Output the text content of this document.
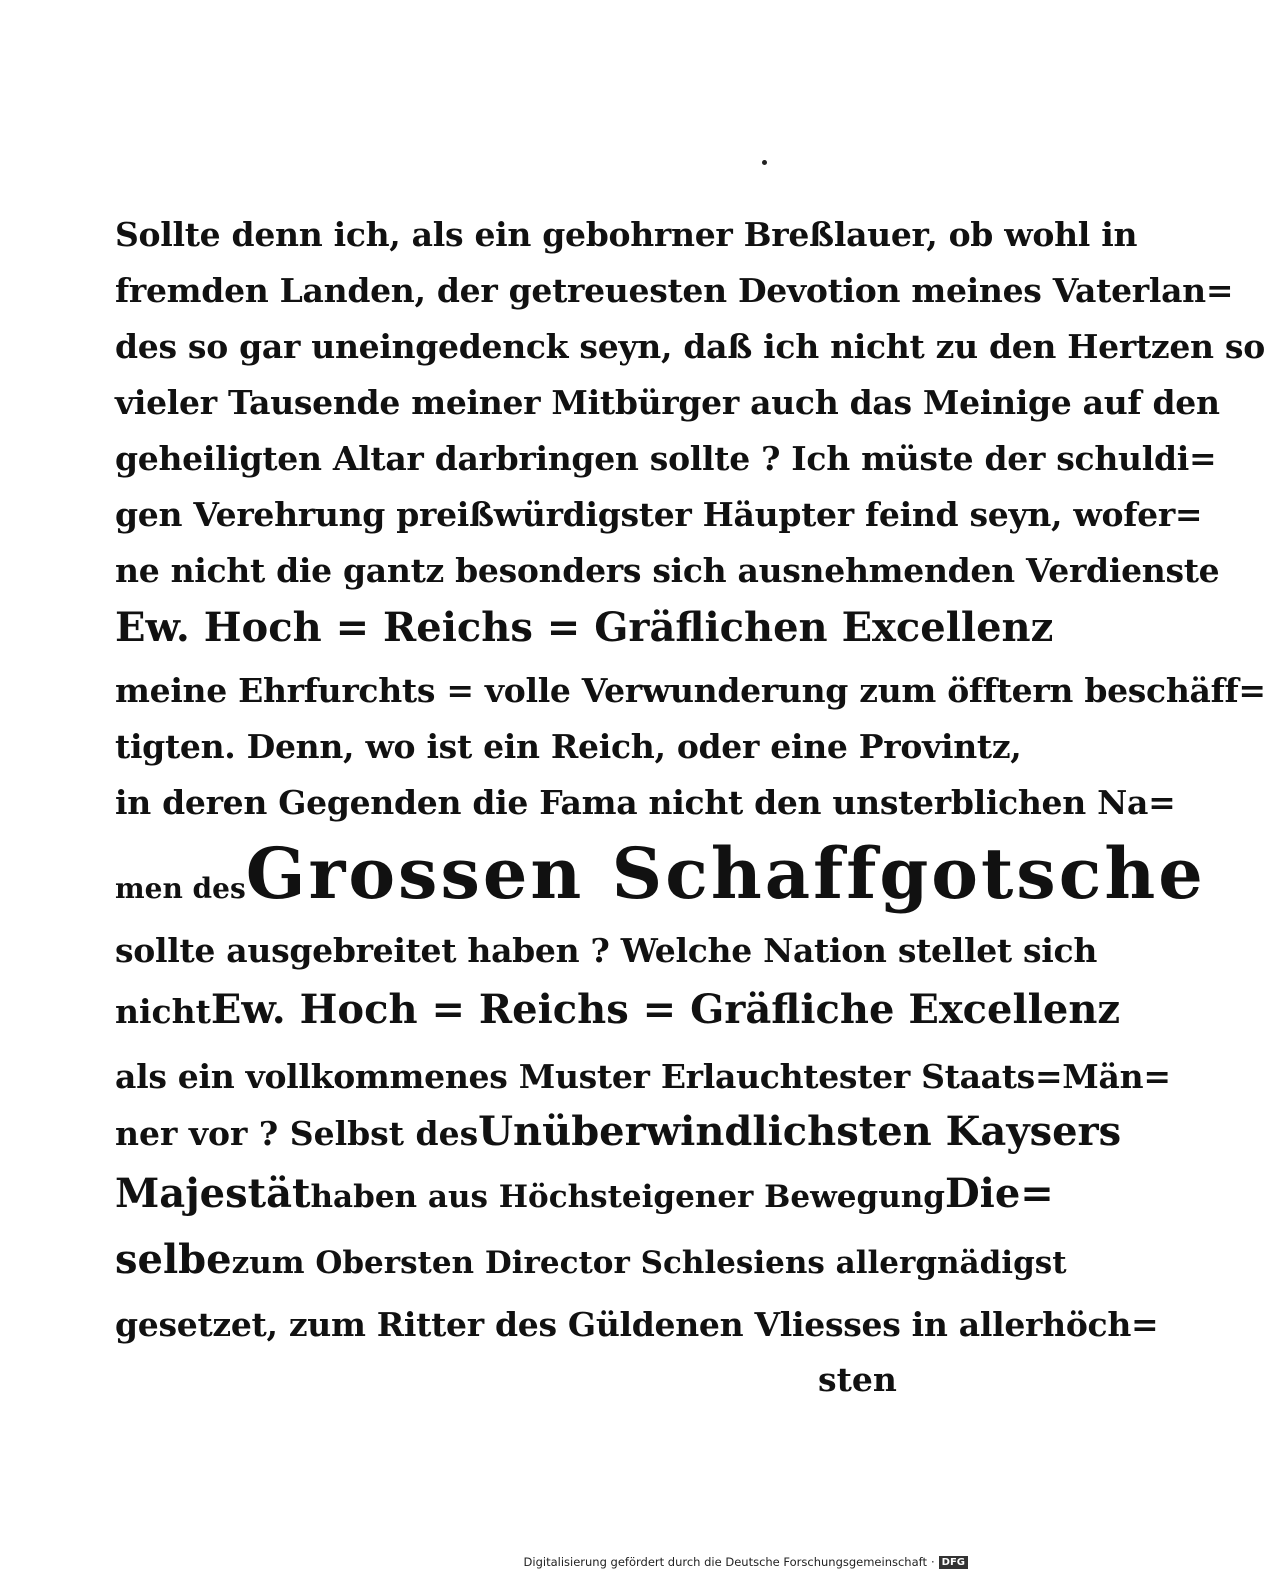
Sollte denn ich, als ein gebohrner Breßlauer, ob wohl in
fremden Landen, der getreuesten Devotion meines Vaterlan=
des so gar uneingedenck seyn, daß ich nicht zu den Hertzen so
vieler Tausende meiner Mitbürger auch das Meinige auf den
geheiligten Altar darbringen sollte ? Ich müste der schuldi=
gen Verehrung preißwürdigster Häupter feind seyn, wofer=
ne nicht die gantz besonders sich ausnehmenden Verdienste
Ew. Hoch = Reichs = Gräflichen Excellenz
meine Ehrfurchts = volle Verwunderung zum öfftern beschäff=
tigten. Denn, wo ist ein Reich, oder eine Provintz,
in deren Gegenden die Fama nicht den unsterblichen Na=
men des Grossen Schaffgotsche
sollte ausgebreitet haben ? Welche Nation stellet sich
nicht Ew. Hoch = Reichs = Gräfliche Excellenz
als ein vollkommenes Muster Erlauchtester Staats=Män=
ner vor ? Selbst des Unüberwindlichsten Kaysers
Majestät haben aus Höchsteigener Bewegung Die=
selbe zum Obersten Director Schlesiens allergnädigst
gesetzet, zum Ritter des Güldenen Vliesses in allerhöch=
sten
Digitalisierung gefördert durch die Deutsche Forschungsgemeinschaft · DFG
